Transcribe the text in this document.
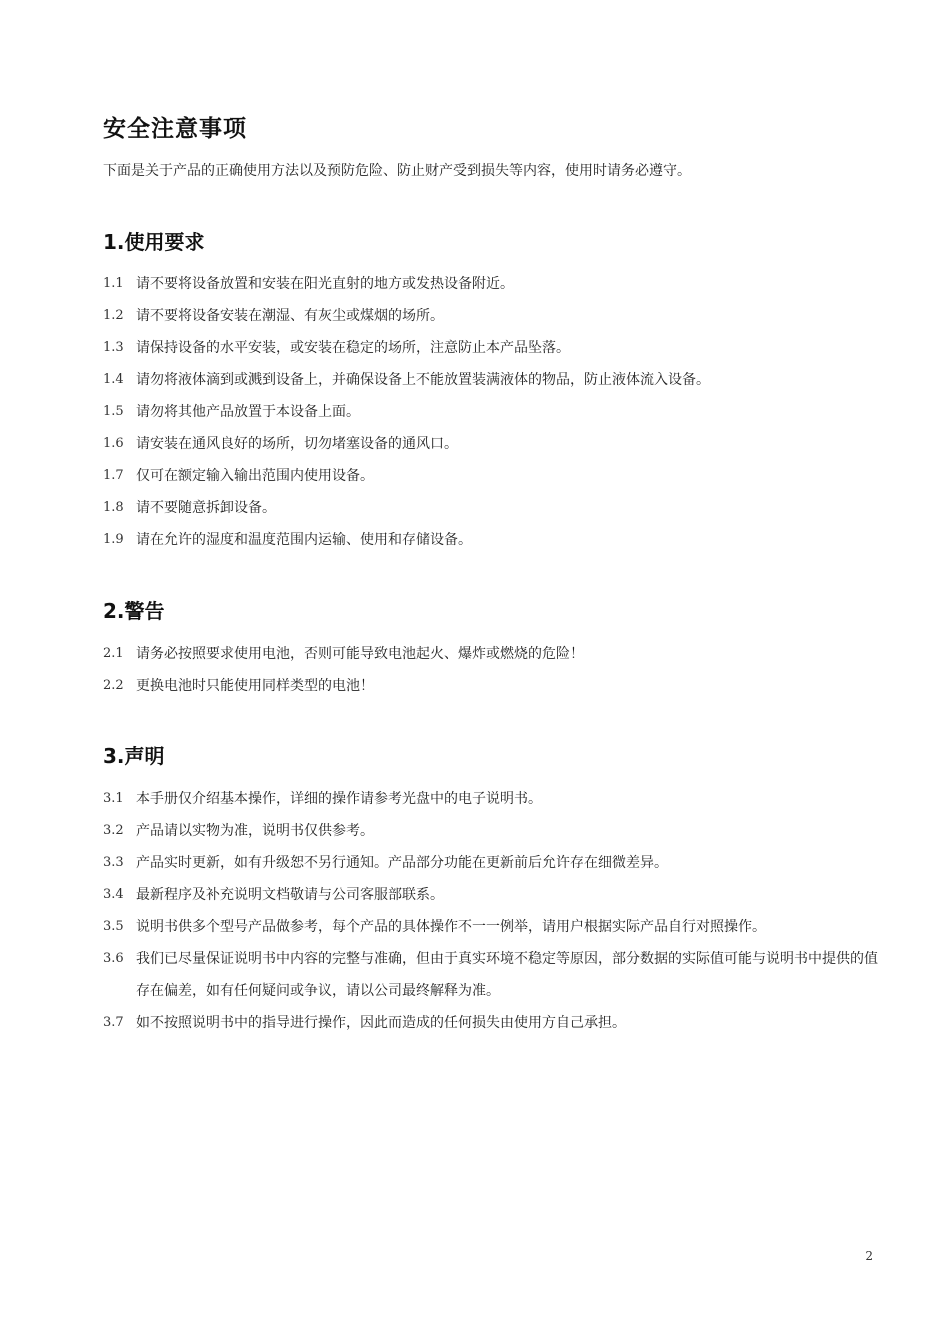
安全注意事项

下面是关于产品的正确使用方法以及预防危险、防止财产受到损失等内容，使用时请务必遵守。

1.使用要求
1.1 请不要将设备放置和安装在阳光直射的地方或发热设备附近。
1.2 请不要将设备安装在潮湿、有灰尘或煤烟的场所。
1.3 请保持设备的水平安装，或安装在稳定的场所，注意防止本产品坠落。
1.4 请勿将液体滴到或溅到设备上，并确保设备上不能放置装满液体的物品，防止液体流入设备。
1.5 请勿将其他产品放置于本设备上面。
1.6 请安装在通风良好的场所，切勿堵塞设备的通风口。
1.7 仅可在额定输入输出范围内使用设备。
1.8 请不要随意拆卸设备。
1.9 请在允许的湿度和温度范围内运输、使用和存储设备。
2.警告
2.1 请务必按照要求使用电池，否则可能导致电池起火、爆炸或燃烧的危险！
2.2 更换电池时只能使用同样类型的电池！
3.声明
3.1 本手册仅介绍基本操作，详细的操作请参考光盘中的电子说明书。
3.2 产品请以实物为准，说明书仅供参考。
3.3 产品实时更新，如有升级恕不另行通知。产品部分功能在更新前后允许存在细微差异。
3.4 最新程序及补充说明文档敬请与公司客服部联系。
3.5 说明书供多个型号产品做参考，每个产品的具体操作不一一例举，请用户根据实际产品自行对照操作。
3.6 我们已尽量保证说明书中内容的完整与准确，但由于真实环境不稳定等原因，部分数据的实际值可能与说明书中提供的值存在偏差，如有任何疑问或争议，请以公司最终解释为准。
3.7 如不按照说明书中的指导进行操作，因此而造成的任何损失由使用方自己承担。
2
